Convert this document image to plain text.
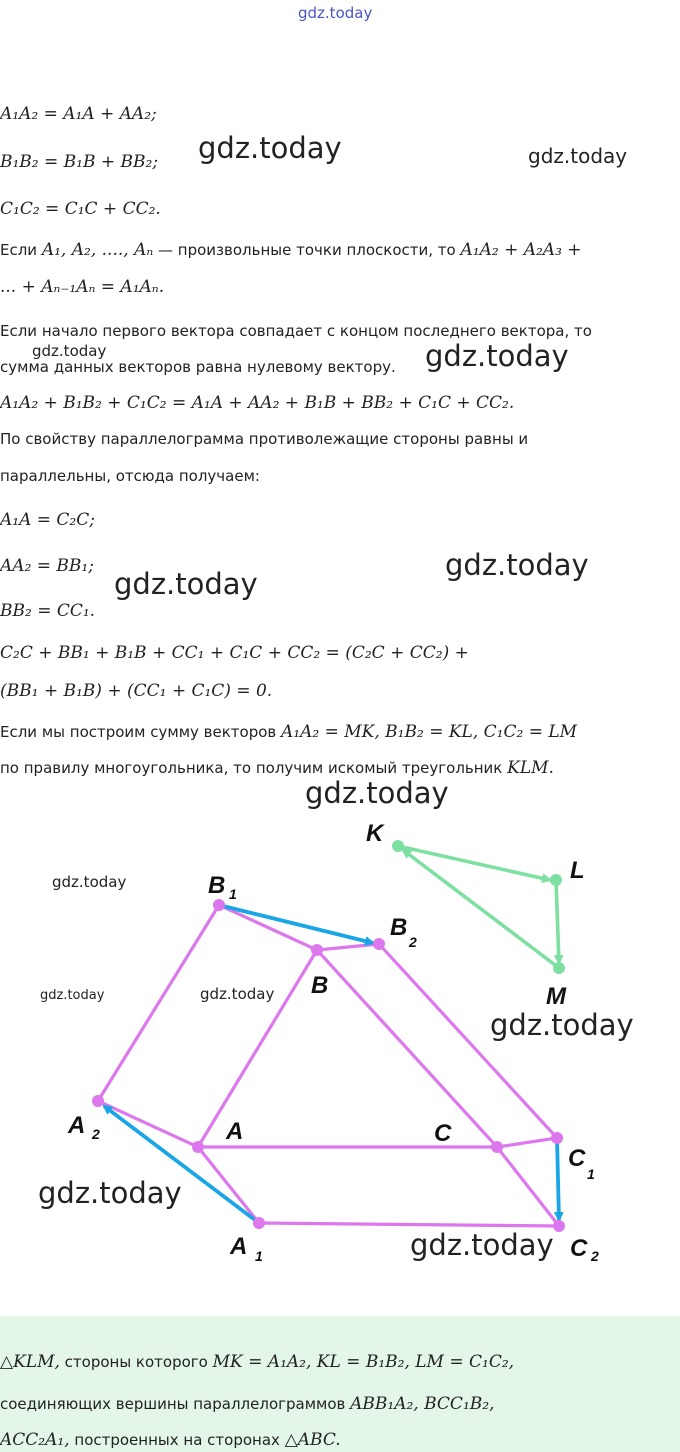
gdz.today
A₁A₂ = A₁A + AA₂;
B₁B₂ = B₁B + BB₂;
C₁C₂ = C₁C + CC₂.
gdz.today	gdz.today
Если A₁, A₂, ...., Aₙ — произвольные точки плоскости, то A₁A₂ + A₂A₃ +
... + Aₙ₋₁Aₙ = A₁Aₙ.
Если начало первого вектора совпадает с концом последнего вектора, то
gdz.today
сумма данных векторов равна нулевому вектору. gdz.today
A₁A₂ + B₁B₂ + C₁C₂ = A₁A + AA₂ + B₁B + BB₂ + C₁C + CC₂.
По свойству параллелограмма противолежащие стороны равны и
параллельны, отсюда получаем:
A₁A = C₂C;
AA₂ = BB₁;	gdz.today
gdz.today
BB₂ = CC₁.
C₂C + BB₁ + B₁B + CC₁ + C₁C + CC₂ = (C₂C + CC₂) +
(BB₁ + B₁B) + (CC₁ + C₁C) = 0.
Если мы построим сумму векторов A₁A₂ = MK, B₁B₂ = KL, C₁C₂ = LM
по правилу многоугольника, то получим искомый треугольник KLM.
gdz.today
K
L
M
B 1
B
2
B
A 2	A	C
C
1
A 1	C 2
gdz.today
gdz.today	gdz.today
gdz.today
gdz.today
gdz.today
△KLM, стороны которого MK = A₁A₂, KL = B₁B₂, LM = C₁C₂,
соединяющих вершины параллелограммов ABB₁A₂, BCC₁B₂,
ACC₂A₁, построенных на сторонах △ABC.
